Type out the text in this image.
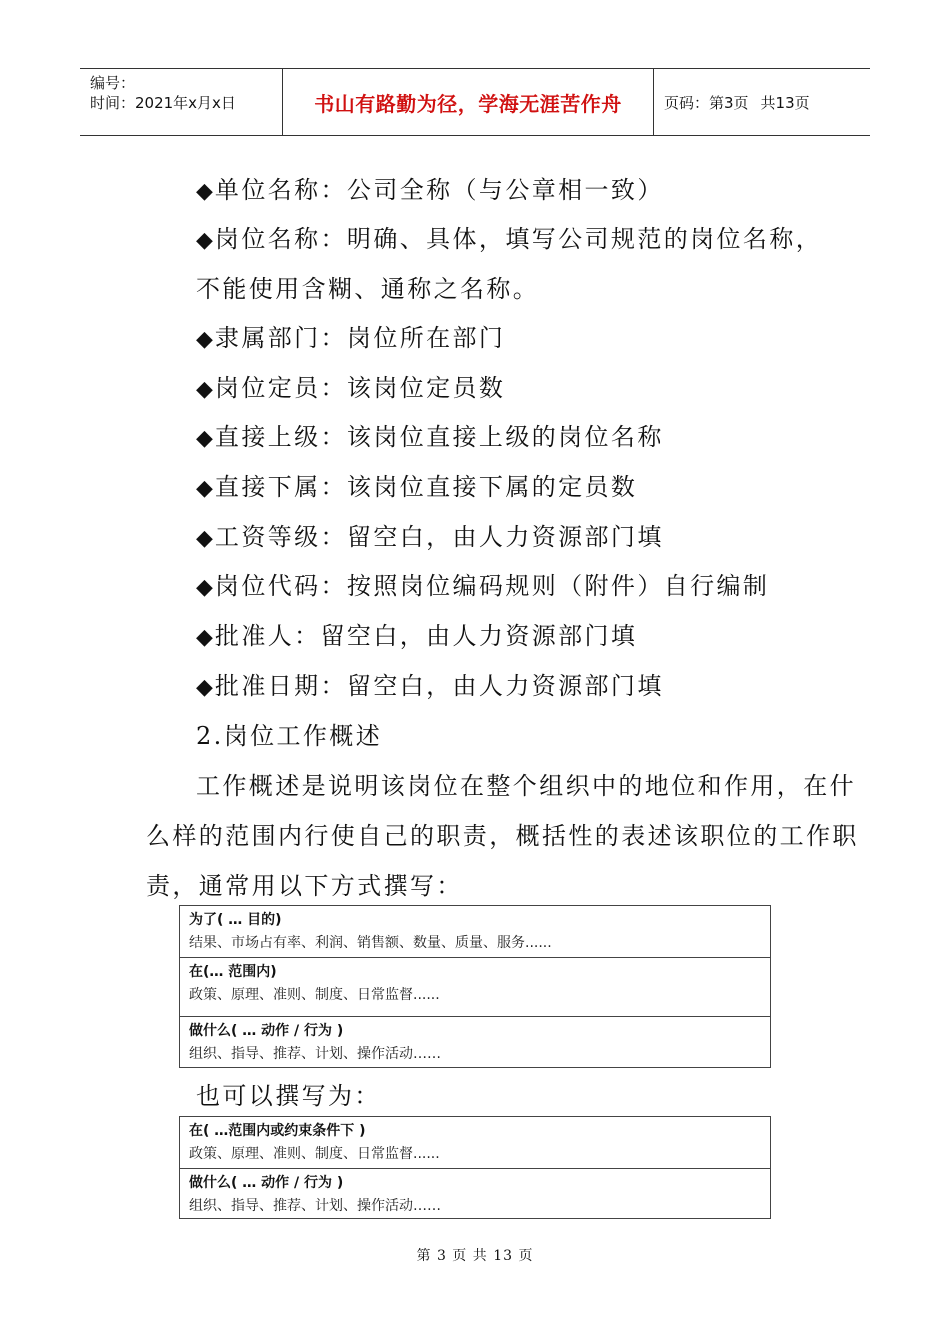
编号：
时间：2021年x月x日	书山有路勤为径，学海无涯苦作舟	页码：第3页 共13页
◆单位名称：公司全称（与公章相一致）
◆岗位名称：明确、具体，填写公司规范的岗位名称，
不能使用含糊、通称之名称。
◆隶属部门：岗位所在部门
◆岗位定员：该岗位定员数
◆直接上级：该岗位直接上级的岗位名称
◆直接下属：该岗位直接下属的定员数
◆工资等级：留空白，由人力资源部门填
◆岗位代码：按照岗位编码规则（附件）自行编制
◆批准人：留空白，由人力资源部门填
◆批准日期：留空白，由人力资源部门填
2.岗位工作概述
工作概述是说明该岗位在整个组织中的地位和作用，在什
么样的范围内行使自己的职责，概括性的表述该职位的工作职
责，通常用以下方式撰写：
也可以撰写为：
为了( … 目的)
结果、市场占有率、利润、销售额、数量、质量、服务......
在(… 范围内)
政策、原理、准则、制度、日常监督......
做什么( … 动作 / 行为 )
组织、指导、推荐、计划、操作活动……
在( …范围内或约束条件下 )
政策、原理、准则、制度、日常监督......
做什么( … 动作 / 行为 )
组织、指导、推荐、计划、操作活动……
第 3 页 共 13 页
